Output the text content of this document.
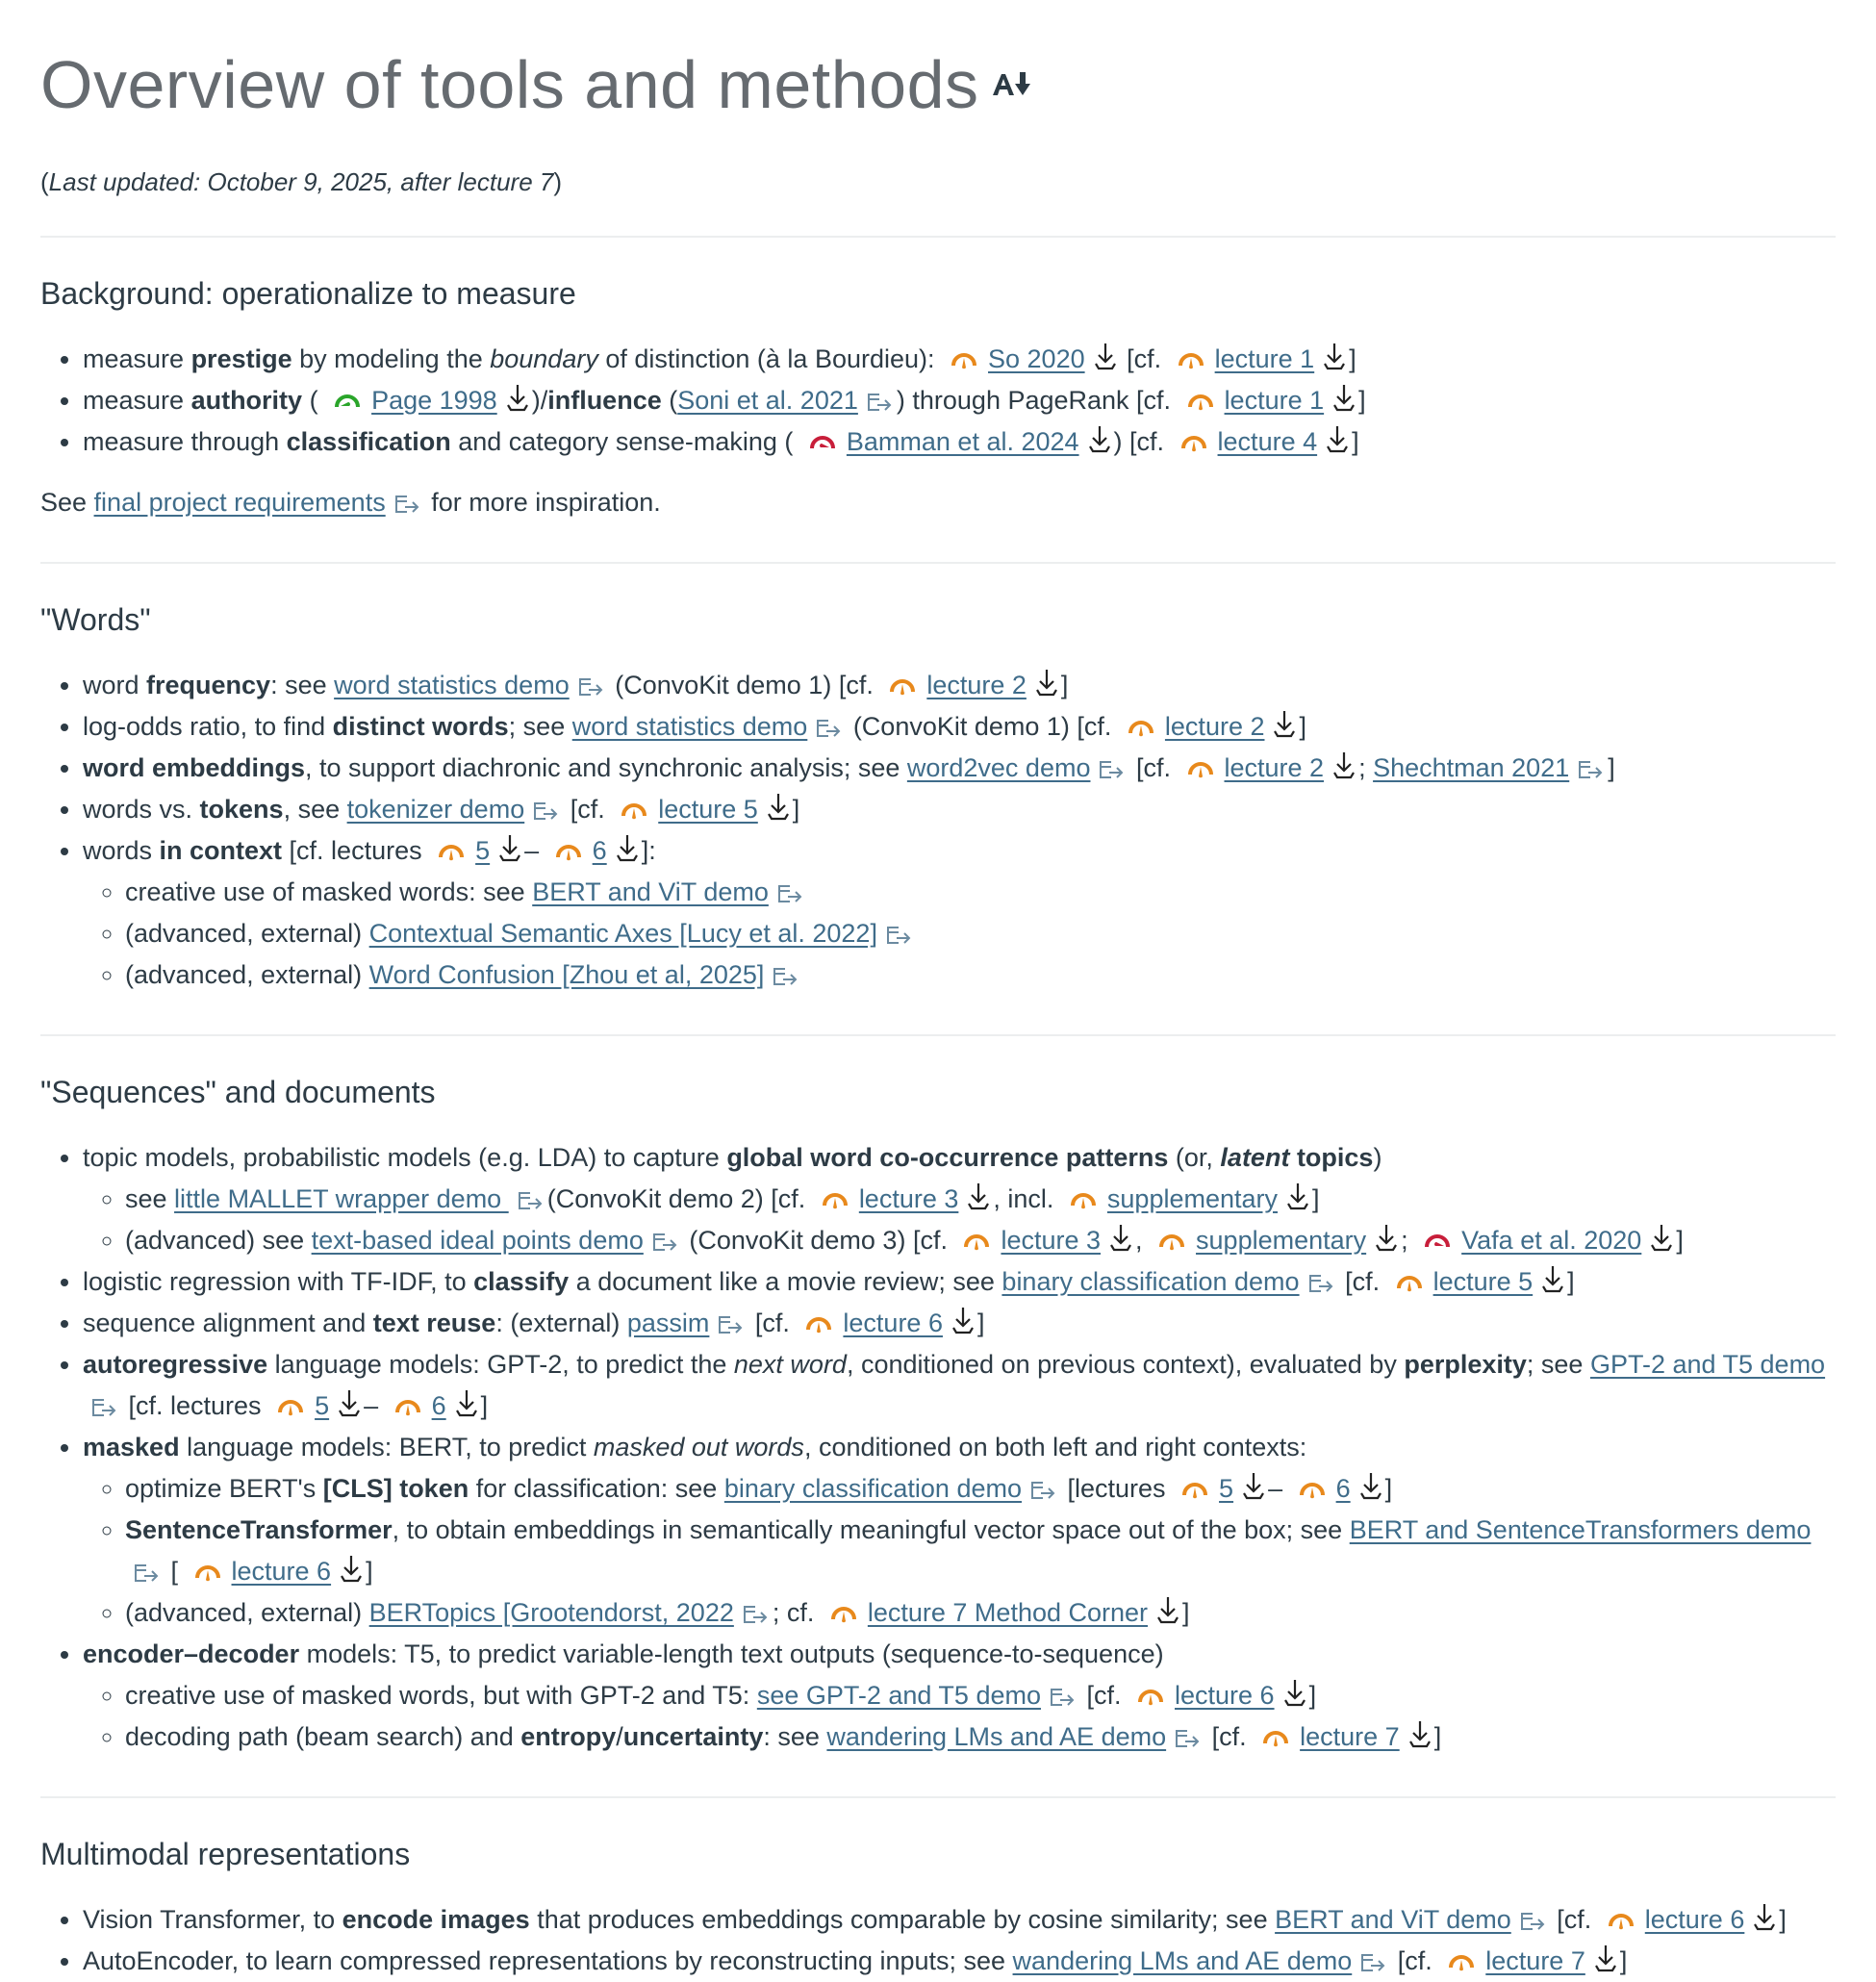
Overview of tools and methods
(Last updated: October 9, 2025, after lecture 7)
Background: operationalize to measure
• measure prestige by modeling the boundary of distinction (à la Bourdieu): So 2020 [cf. lecture 1 ]
• measure authority ( Page 1998 )/influence (Soni et al. 2021 ) through PageRank [cf. lecture 1 ]
• measure through classification and category sense-making ( Bamman et al. 2024 ) [cf. lecture 4 ]

See final project requirements for more inspiration.

"Words"
• word frequency: see word statistics demo (ConvoKit demo 1) [cf. lecture 2 ]
• log-odds ratio, to find distinct words; see word statistics demo (ConvoKit demo 1) [cf. lecture 2 ]
• word embeddings, to support diachronic and synchronic analysis; see word2vec demo [cf. lecture 2 ; Shechtman 2021 ]
• words vs. tokens, see tokenizer demo [cf. lecture 5 ]
• words in context [cf. lectures 5 – 6 ]:
◦ creative use of masked words: see BERT and ViT demo
◦ (advanced, external) Contextual Semantic Axes [Lucy et al. 2022]
◦ (advanced, external) Word Confusion [Zhou et al, 2025]
"Sequences" and documents
• topic models, probabilistic models (e.g. LDA) to capture global word co-occurrence patterns (or, latent topics)
◦ see little MALLET wrapper demo (ConvoKit demo 2) [cf. lecture 3 , incl. supplementary ]
◦ (advanced) see text-based ideal points demo (ConvoKit demo 3) [cf. lecture 3 , supplementary ; Vafa et al. 2020 ]
• logistic regression with TF-IDF, to classify a document like a movie review; see binary classification demo [cf. lecture 5 ]
• sequence alignment and text reuse: (external) passim [cf. lecture 6 ]
• autoregressive language models: GPT-2, to predict the next word, conditioned on previous context), evaluated by perplexity; see GPT-2 and T5 demo [cf. lectures 5 – 6 ]
• masked language models: BERT, to predict masked out words, conditioned on both left and right contexts:
◦ optimize BERT's [CLS] token for classification: see binary classification demo [lectures 5 – 6 ]
◦ SentenceTransformer, to obtain embeddings in semantically meaningful vector space out of the box; see BERT and SentenceTransformers demo [ lecture 6 ]
◦ (advanced, external) BERTopics [Grootendorst, 2022 ; cf. lecture 7 Method Corner ]
• encoder–decoder models: T5, to predict variable-length text outputs (sequence-to-sequence)
◦ creative use of masked words, but with GPT-2 and T5: see GPT-2 and T5 demo [cf. lecture 6 ]
◦ decoding path (beam search) and entropy/uncertainty: see wandering LMs and AE demo [cf. lecture 7 ]
Multimodal representations
• Vision Transformer, to encode images that produces embeddings comparable by cosine similarity; see BERT and ViT demo [cf. lecture 6 ]
• AutoEncoder, to learn compressed representations by reconstructing inputs; see wandering LMs and AE demo [cf. lecture 7 ]
